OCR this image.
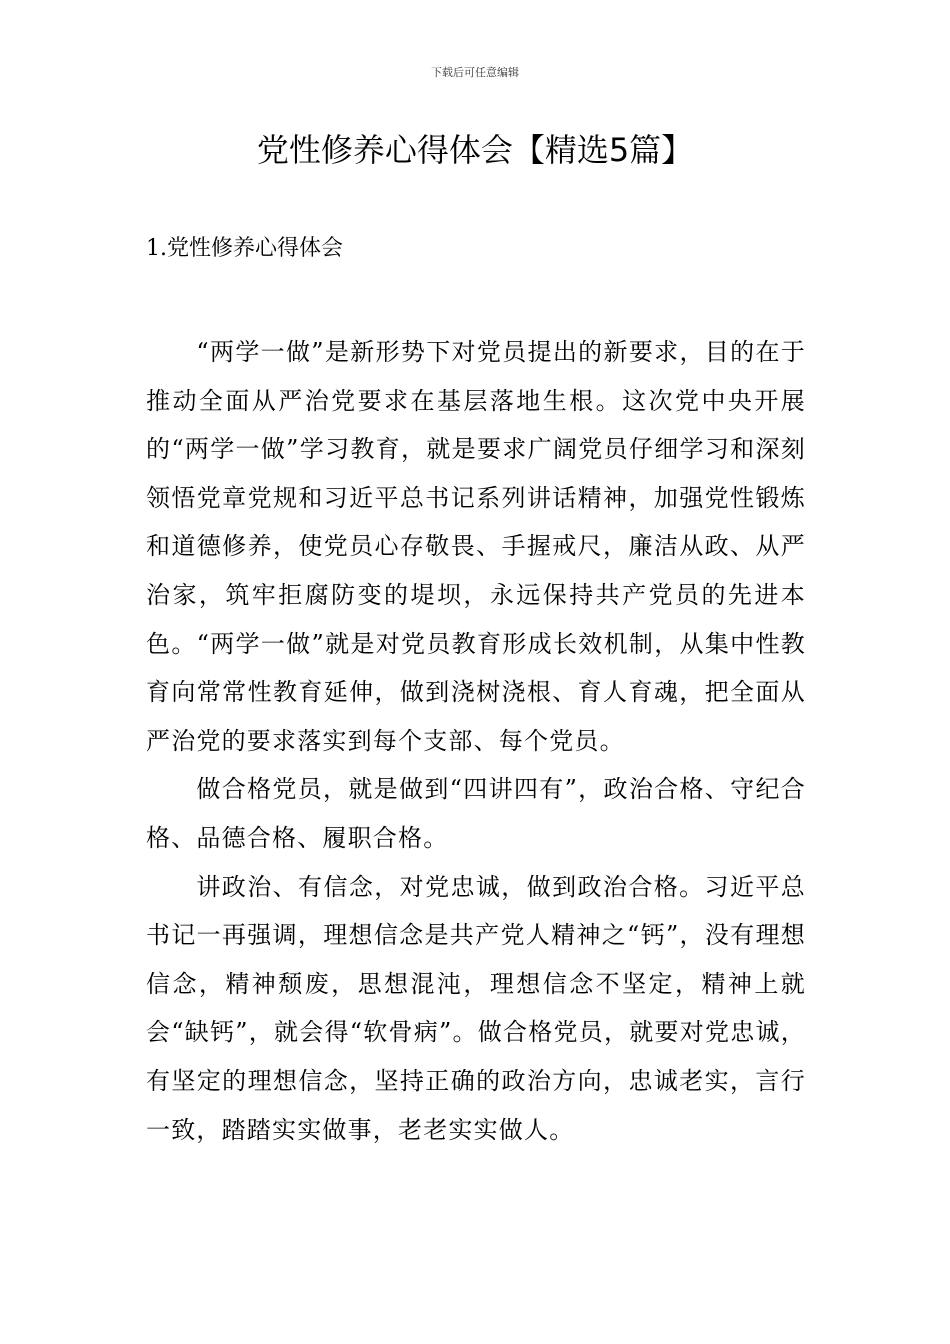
下载后可任意编辑
党性修养心得体会【精选5篇】
1.党性修养心得体会

“两学一做”是新形势下对党员提出的新要求，目的在于推动全面从严治党要求在基层落地生根。这次党中央开展的“两学一做”学习教育，就是要求广阔党员仔细学习和深刻领悟党章党规和习近平总书记系列讲话精神，加强党性锻炼和道德修养，使党员心存敬畏、手握戒尺，廉洁从政、从严治家，筑牢拒腐防变的堤坝，永远保持共产党员的先进本色。“两学一做”就是对党员教育形成长效机制，从集中性教育向常常性教育延伸，做到浇树浇根、育人育魂，把全面从严治党的要求落实到每个支部、每个党员。

做合格党员，就是做到“四讲四有”，政治合格、守纪合格、品德合格、履职合格。

讲政治、有信念，对党忠诚，做到政治合格。习近平总书记一再强调，理想信念是共产党人精神之“钙”，没有理想信念，精神颓废，思想混沌，理想信念不坚定，精神上就会“缺钙”，就会得“软骨病”。做合格党员，就要对党忠诚，有坚定的理想信念，坚持正确的政治方向，忠诚老实，言行一致，踏踏实实做事，老老实实做人。
